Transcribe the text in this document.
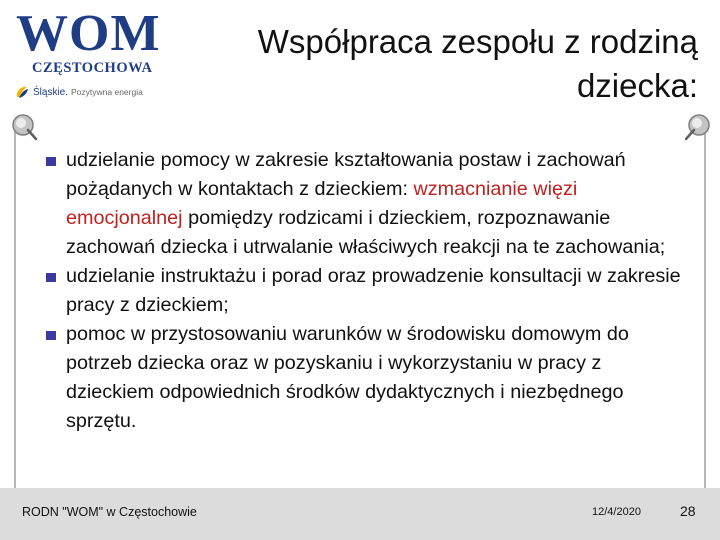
WOM
CZĘSTOCHOWA
Śląskie. Pozytywna energia
Współpraca zespołu z rodziną
dziecka:
udzielanie pomocy w zakresie kształtowania postaw i zachowań pożądanych w kontaktach z dzieckiem: wzmacnianie więzi emocjonalnej pomiędzy rodzicami i dzieckiem, rozpoznawanie zachowań dziecka i utrwalanie właściwych reakcji na te zachowania;
udzielanie instruktażu i porad oraz prowadzenie konsultacji w zakresie pracy z dzieckiem;
pomoc w przystosowaniu warunków w środowisku domowym do potrzeb dziecka oraz w pozyskaniu i wykorzystaniu w pracy z dzieckiem odpowiednich środków dydaktycznych i niezbędnego sprzętu.
RODN "WOM" w Częstochowie	12/4/2020	28
